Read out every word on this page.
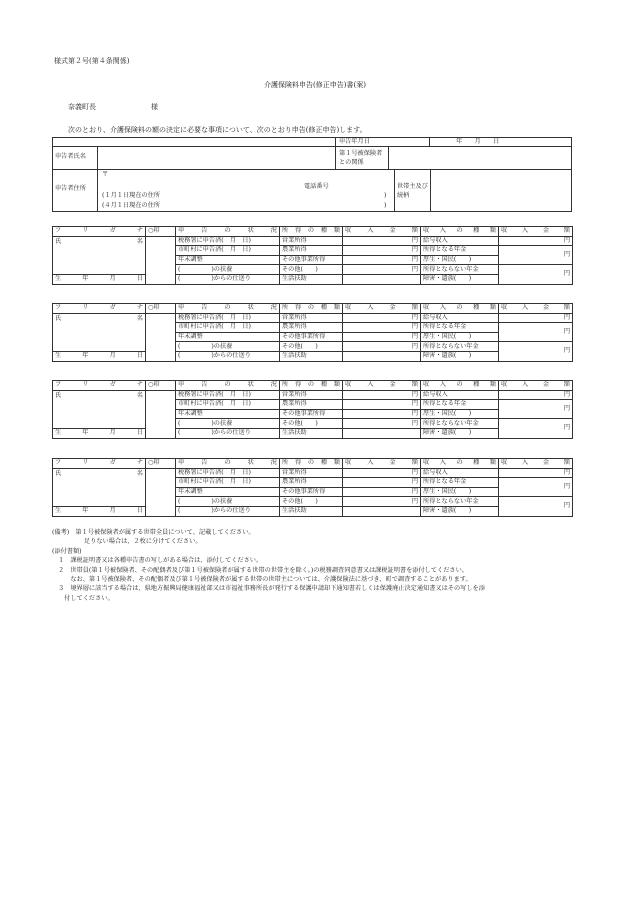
様式第２号(第４条関係)
介護保険料申告(修正申告)書(案)
奈義町長	様
次のとおり、介護保険料の額の決定に必要な事項について、次のとおり申告(修正申告)します。
申告年月日	年　　月　　日
申告者氏名	第１号被保険者との関係
申告者住所
〒
電話番号
(１月１日現在の住所	)
(４月１日現在の住所	)
世帯主及び続柄
フ　リ　ガ　ナ	○印	申　告　の　状　況	所得の種類	収入金額	収入の種類	収入金額
氏　　　　　　名		税務署に申告済(　月　日)	営業所得	円	給与収入	円
		市町村に申告済(　月　日)	農業所得	円	所得となる年金	円
		年末調整	その他事業所得	円	厚生・国民(　　)	
		(　　　　　)の扶養	その他(　　)	円	所得とならない年金	円
生　年　月　日		(　　　　　)からの仕送り	生活扶助		障害・遺族(　　)	
フ　リ　ガ　ナ	○印	申　告　の　状　況	所得の種類	収入金額	収入の種類	収入金額
氏　　　　　　名		税務署に申告済(　月　日)	営業所得	円	給与収入	円
		市町村に申告済(　月　日)	農業所得	円	所得となる年金	円
		年末調整	その他事業所得	円	厚生・国民(　　)	
		(　　　　　)の扶養	その他(　　)	円	所得とならない年金	円
生　年　月　日		(　　　　　)からの仕送り	生活扶助		障害・遺族(　　)	
フ　リ　ガ　ナ	○印	申　告　の　状　況	所得の種類	収入金額	収入の種類	収入金額
氏　　　　　　名		税務署に申告済(　月　日)	営業所得	円	給与収入	円
		市町村に申告済(　月　日)	農業所得	円	所得となる年金	円
		年末調整	その他事業所得	円	厚生・国民(　　)	
		(　　　　　)の扶養	その他(　　)	円	所得とならない年金	円
生　年　月　日		(　　　　　)からの仕送り	生活扶助		障害・遺族(　　)	
フ　リ　ガ　ナ	○印	申　告　の　状　況	所得の種類	収入金額	収入の種類	収入金額
氏　　　　　　名		税務署に申告済(　月　日)	営業所得	円	給与収入	円
		市町村に申告済(　月　日)	農業所得	円	所得となる年金	円
		年末調整	その他事業所得	円	厚生・国民(　　)	
		(　　　　　)の扶養	その他(　　)	円	所得とならない年金	円
生　年　月　日		(　　　　　)からの仕送り	生活扶助		障害・遺族(　　)	
(備考)　 第１号被保険者が属する世帯全員について、記載してください。
足りない場合は、２枚に分けてください。
(添付書類)
１　課税証明書又は各種申告書の写しがある場合は、添付してください。
２　世帯員(第１号被保険者、その配偶者及び第１号被保険者が属する世帯の世帯主を除く。)の税務調査同意書又は課税証明書を添付してください。
　　なお、第１号被保険者、その配偶者及び第１号被保険者が属する世帯の世帯主については、介護保険法に基づき、町で調査することがあります。
３　境界層に該当する場合は、県地方振興局健康福祉部又は市福祉事務所長が発行する保護申請却下通知書若しくは保護廃止決定通知書又はその写しを添
　付してください。
